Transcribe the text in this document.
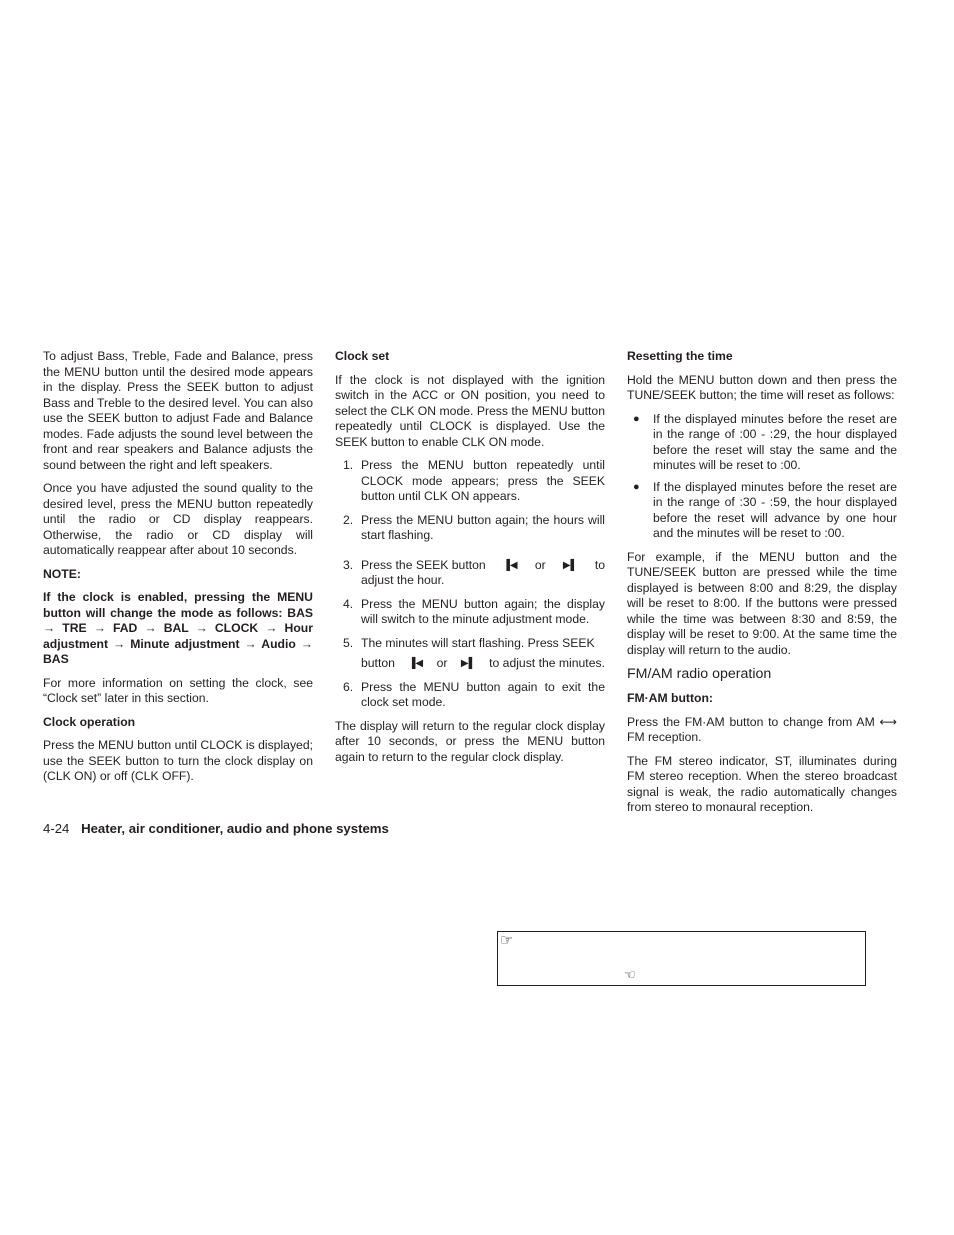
To adjust Bass, Treble, Fade and Balance, press the MENU button until the desired mode appears in the display. Press the SEEK button to adjust Bass and Treble to the desired level. You can also use the SEEK button to adjust Fade and Balance modes. Fade adjusts the sound level between the front and rear speakers and Balance adjusts the sound between the right and left speakers.

Once you have adjusted the sound quality to the desired level, press the MENU button repeatedly until the radio or CD display reappears. Otherwise, the radio or CD display will automatically reappear after about 10 seconds.

NOTE:

If the clock is enabled, pressing the MENU button will change the mode as follows: BAS → TRE → FAD → BAL → CLOCK → Hour adjustment → Minute adjustment → Audio → BAS

For more information on setting the clock, see “Clock set” later in this section.

Clock operation

Press the MENU button until CLOCK is displayed; use the SEEK button to turn the clock display on (CLK ON) or off (CLK OFF).

Clock set

If the clock is not displayed with the ignition switch in the ACC or ON position, you need to select the CLK ON mode. Press the MENU button repeatedly until CLOCK is displayed. Use the SEEK button to enable CLK ON mode.

1. Press the MENU button repeatedly until CLOCK mode appears; press the SEEK button until CLK ON appears.
2. Press the MENU button again; the hours will start flashing.
3. Press the SEEK button	▐◀	or	▶▌	to
adjust the hour.
4. Press the MENU button again; the display will switch to the minute adjustment mode.
5. The minutes will start flashing. Press SEEK
button	▐◀	or	▶▌	to adjust the minutes.
6. Press the MENU button again to exit the clock set mode.

The display will return to the regular clock display after 10 seconds, or press the MENU button again to return to the regular clock display.

Resetting the time

Hold the MENU button down and then press the TUNE/SEEK button; the time will reset as follows:

● If the displayed minutes before the reset are in the range of :00 - :29, the hour displayed before the reset will stay the same and the minutes will be reset to :00.
● If the displayed minutes before the reset are in the range of :30 - :59, the hour displayed before the reset will advance by one hour and the minutes will be reset to :00.

For example, if the MENU button and the TUNE/SEEK button are pressed while the time displayed is between 8:00 and 8:29, the display will be reset to 8:00. If the buttons were pressed while the time was between 8:30 and 8:59, the display will be reset to 9:00. At the same time the display will return to the audio.

FM/AM radio operation
FM·AM button:

Press the FM·AM button to change from AM ⟷ FM reception.

The FM stereo indicator, ST, illuminates during FM stereo reception. When the stereo broadcast signal is weak, the radio automatically changes from stereo to monaural reception.

4-24 Heater, air conditioner, audio and phone systems
☞
☜
